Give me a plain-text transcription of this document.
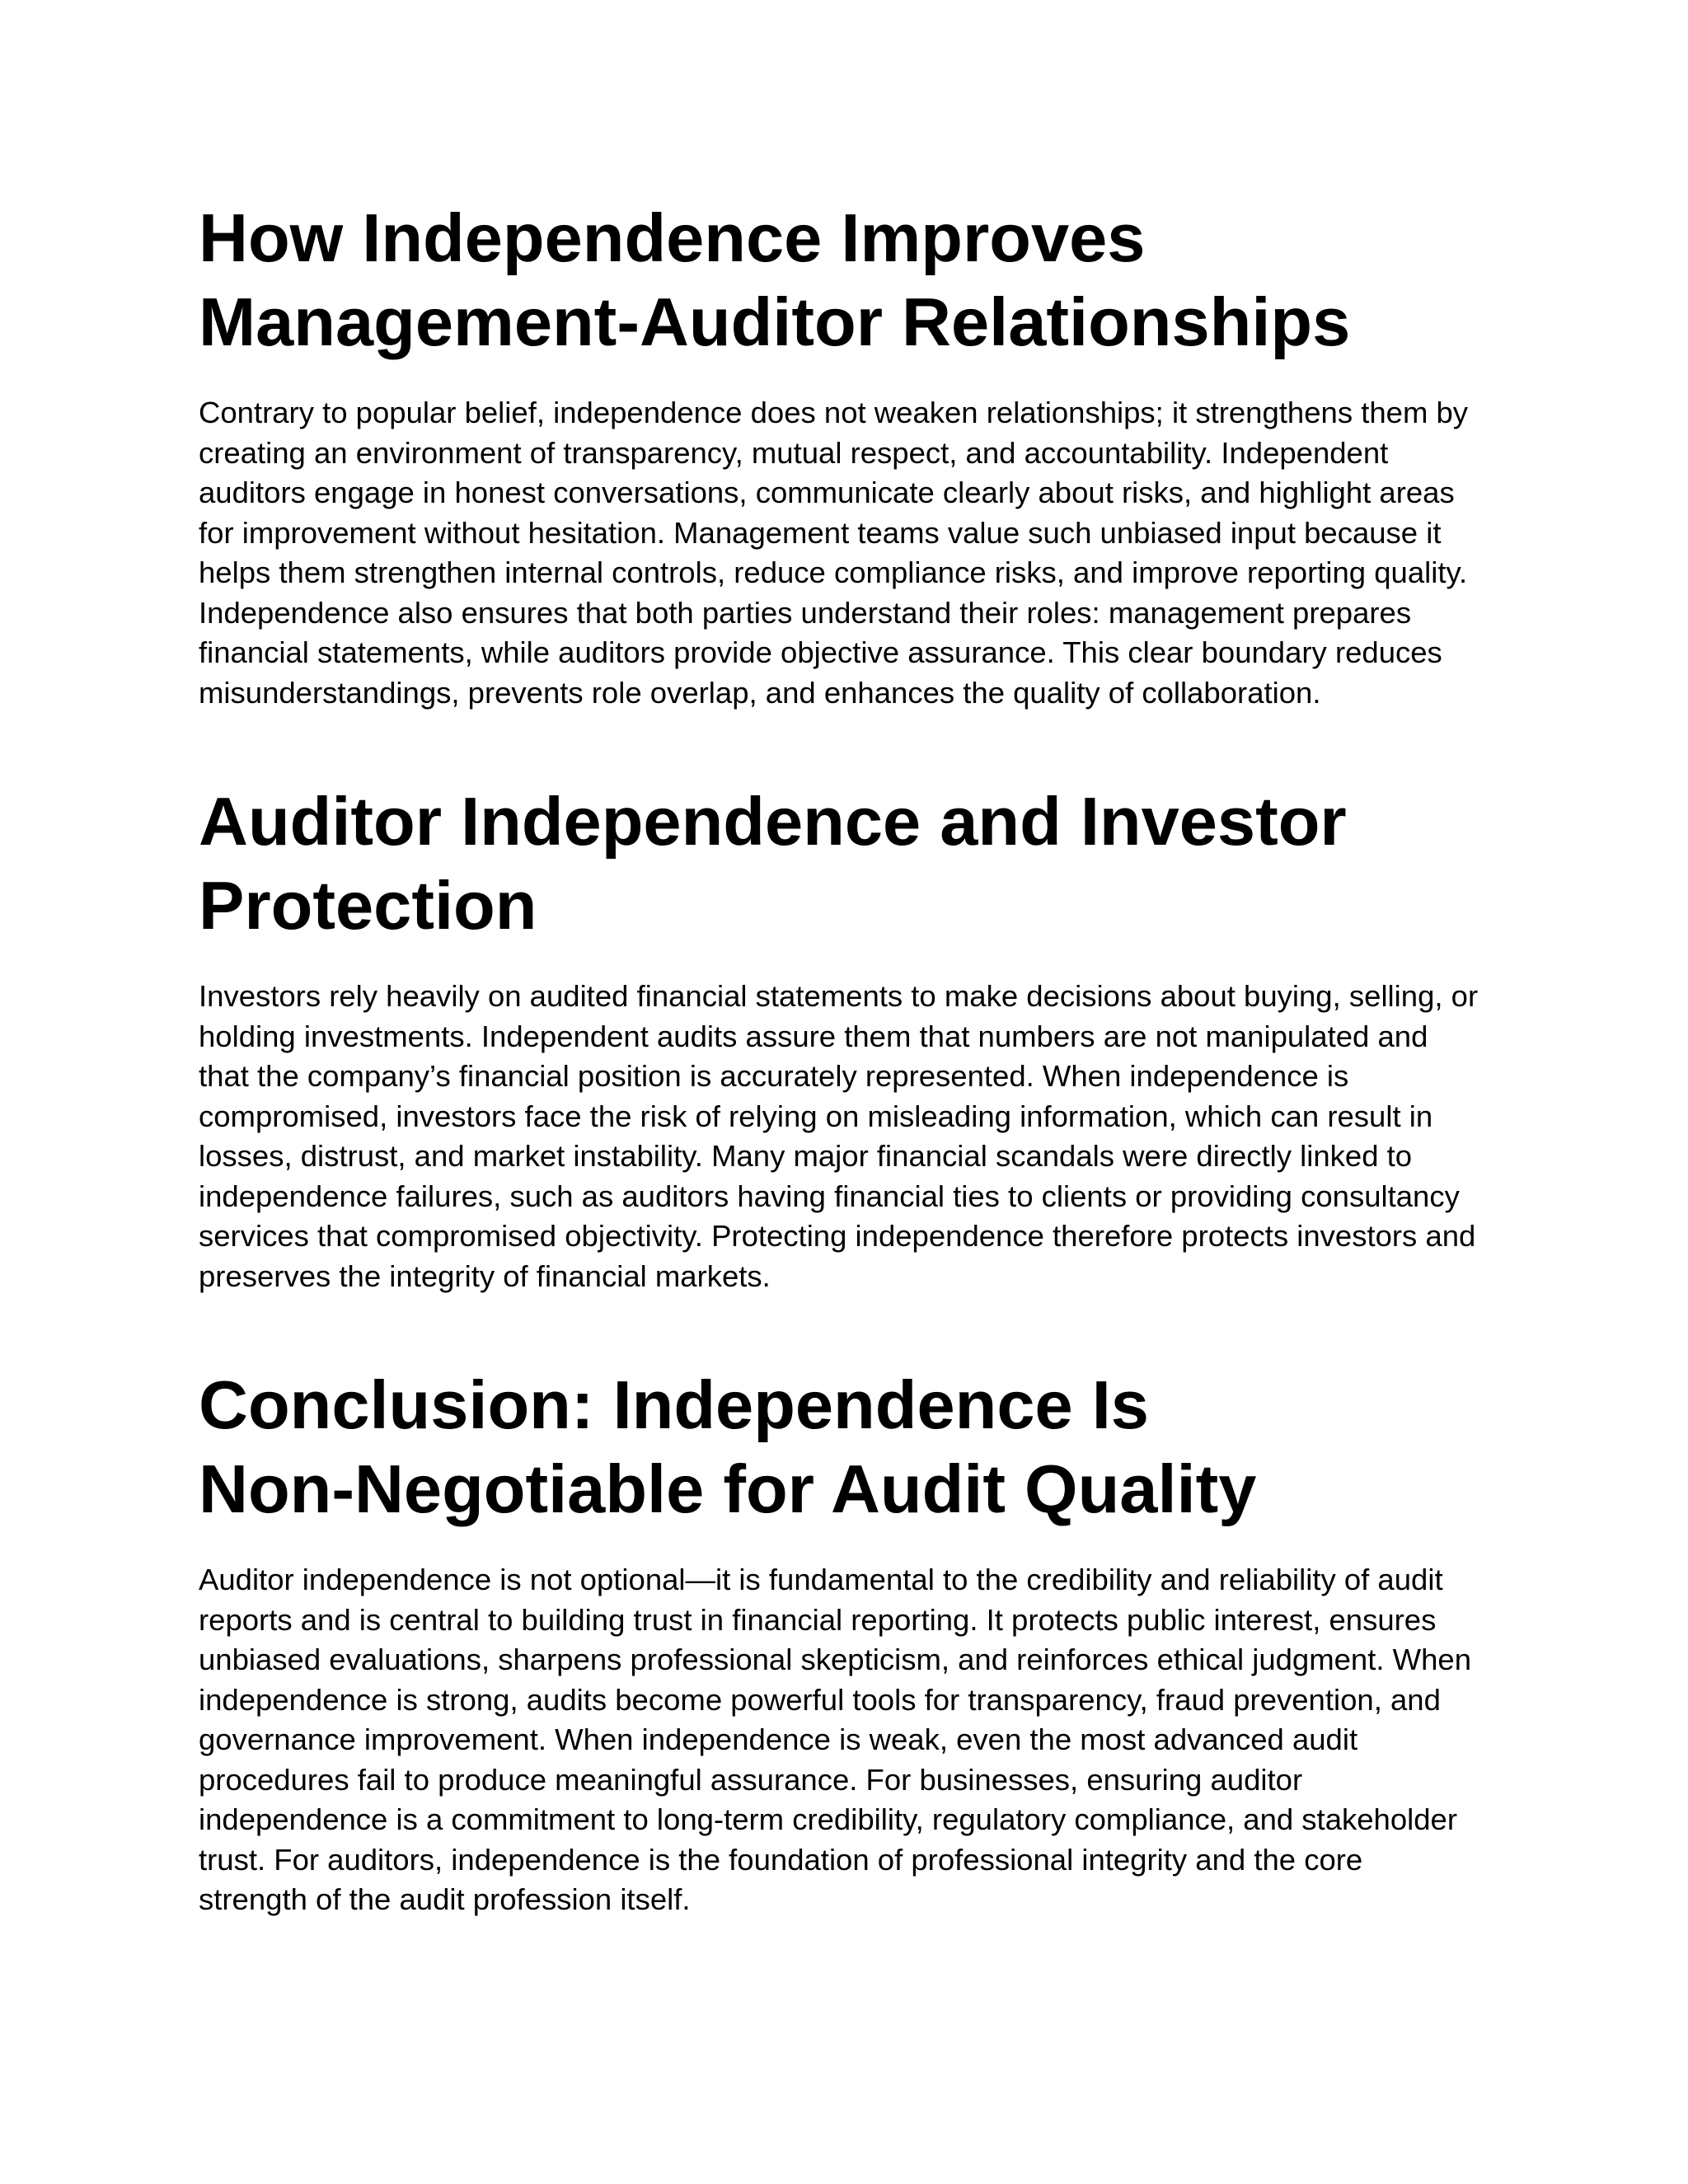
How Independence Improves
Management-Auditor Relationships

Contrary to popular belief, independence does not weaken relationships; it strengthens them by
creating an environment of transparency, mutual respect, and accountability. Independent
auditors engage in honest conversations, communicate clearly about risks, and highlight areas
for improvement without hesitation. Management teams value such unbiased input because it
helps them strengthen internal controls, reduce compliance risks, and improve reporting quality.
Independence also ensures that both parties understand their roles: management prepares
financial statements, while auditors provide objective assurance. This clear boundary reduces
misunderstandings, prevents role overlap, and enhances the quality of collaboration.

Auditor Independence and Investor
Protection

Investors rely heavily on audited financial statements to make decisions about buying, selling, or
holding investments. Independent audits assure them that numbers are not manipulated and
that the company’s financial position is accurately represented. When independence is
compromised, investors face the risk of relying on misleading information, which can result in
losses, distrust, and market instability. Many major financial scandals were directly linked to
independence failures, such as auditors having financial ties to clients or providing consultancy
services that compromised objectivity. Protecting independence therefore protects investors and
preserves the integrity of financial markets.

Conclusion: Independence Is
Non-Negotiable for Audit Quality

Auditor independence is not optional—it is fundamental to the credibility and reliability of audit
reports and is central to building trust in financial reporting. It protects public interest, ensures
unbiased evaluations, sharpens professional skepticism, and reinforces ethical judgment. When
independence is strong, audits become powerful tools for transparency, fraud prevention, and
governance improvement. When independence is weak, even the most advanced audit
procedures fail to produce meaningful assurance. For businesses, ensuring auditor
independence is a commitment to long-term credibility, regulatory compliance, and stakeholder
trust. For auditors, independence is the foundation of professional integrity and the core
strength of the audit profession itself.
